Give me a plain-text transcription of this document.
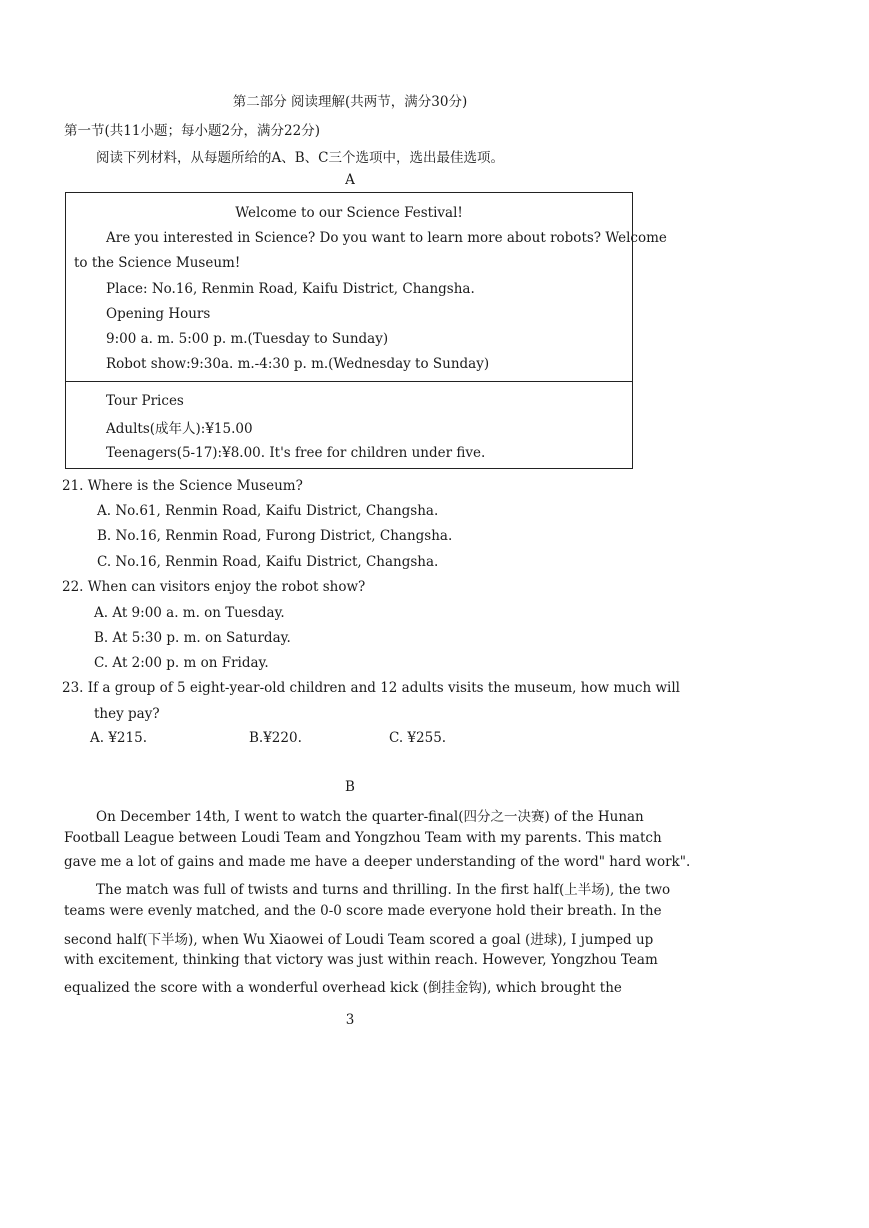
第二部分 阅读理解(共两节，满分30分)
第一节(共11小题；每小题2分，满分22分)
阅读下列材料，从每题所给的A、B、C三个选项中，选出最佳选项。
A
Welcome to our Science Festival!
Are you interested in Science? Do you want to learn more about robots? Welcome
to the Science Museum!
Place: No.16, Renmin Road, Kaifu District, Changsha.
Opening Hours
9:00 a. m. 5:00 p. m.(Tuesday to Sunday)
Robot show:9:30a. m.-4:30 p. m.(Wednesday to Sunday)
Tour Prices
Adults(成年人):¥15.00
Teenagers(5-17):¥8.00. It's free for children under five.
21. Where is the Science Museum?
A. No.61, Renmin Road, Kaifu District, Changsha.
B. No.16, Renmin Road, Furong District, Changsha.
C. No.16, Renmin Road, Kaifu District, Changsha.
22. When can visitors enjoy the robot show?
A. At 9:00 a. m. on Tuesday.
B. At 5:30 p. m. on Saturday.
C. At 2:00 p. m on Friday.
23. If a group of 5 eight-year-old children and 12 adults visits the museum, how much will
they pay?
A. ¥215.	B.¥220.	C. ¥255.
B
On December 14th, I went to watch the quarter-final(四分之一决赛) of the Hunan
Football League between Loudi Team and Yongzhou Team with my parents. This match
gave me a lot of gains and made me have a deeper understanding of the word" hard work".
The match was full of twists and turns and thrilling. In the first half(上半场), the two
teams were evenly matched, and the 0-0 score made everyone hold their breath. In the
second half(下半场), when Wu Xiaowei of Loudi Team scored a goal (进球), I jumped up
with excitement, thinking that victory was just within reach. However, Yongzhou Team
equalized the score with a wonderful overhead kick (倒挂金钩), which brought the
3
